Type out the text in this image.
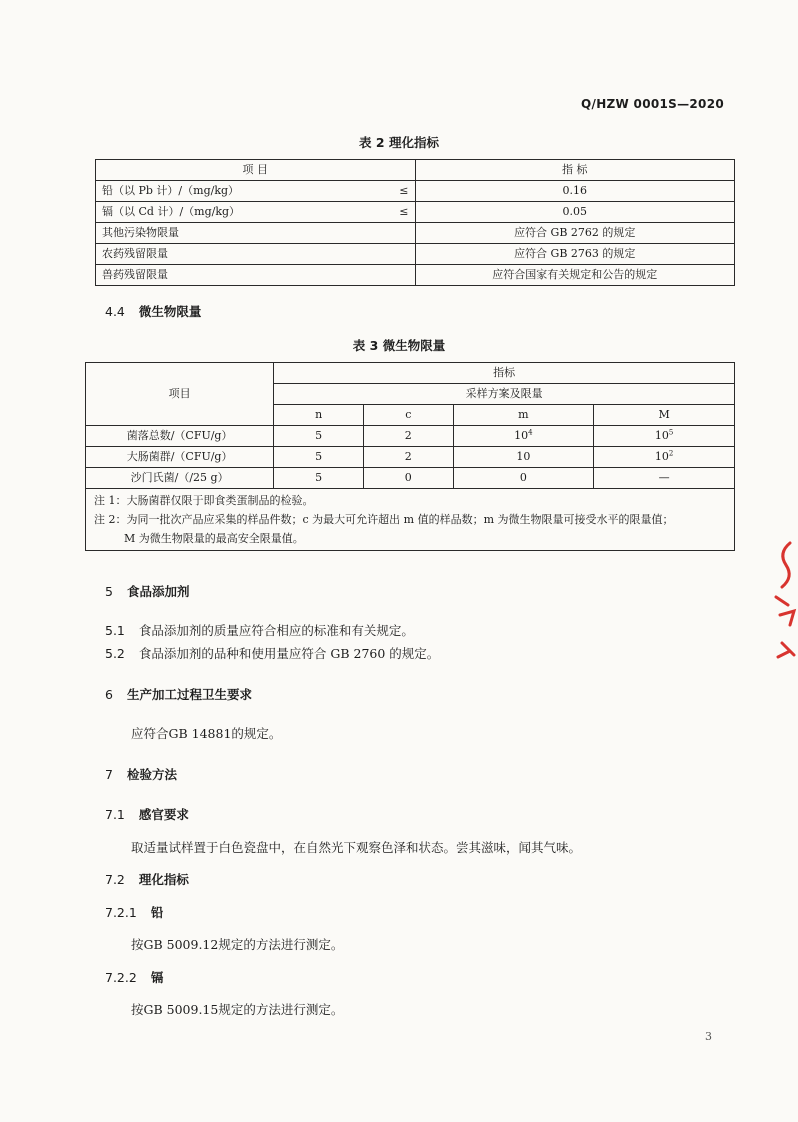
Q/HZW 0001S—2020
表 2 理化指标
项 目		指 标
铅（以 Pb 计）/（mg/kg）	≤	0.16
镉（以 Cd 计）/（mg/kg）	≤	0.05
其他污染物限量		应符合 GB 2762 的规定
农药残留限量		应符合 GB 2763 的规定
兽药残留限量		应符合国家有关规定和公告的规定
4.4 微生物限量
表 3 微生物限量
项目	指标			
	采样方案及限量			
	n	c	m	M
菌落总数/（CFU/g）	5	2	$10^4$	$10^5$
大肠菌群/（CFU/g）	5	2	10	$10^2$
沙门氏菌/（/25 g）	5	0	0	—

注 1：大肠菌群仅限于即食类蛋制品的检验。
注 2：为同一批次产品应采集的样品件数；c 为最大可允许超出 m 值的样品数；m 为微生物限量可接受水平的限量值；
M 为微生物限量的最高安全限量值。				
5 食品添加剂
5.1 食品添加剂的质量应符合相应的标准和有关规定。
5.2 食品添加剂的品种和使用量应符合 GB 2760 的规定。
6 生产加工过程卫生要求
应符合GB 14881的规定。
7 检验方法
7.1 感官要求
取适量试样置于白色瓷盘中，在自然光下观察色泽和状态。尝其滋味，闻其气味。
7.2 理化指标
7.2.1 铅
按GB 5009.12规定的方法进行测定。
7.2.2 镉
按GB 5009.15规定的方法进行测定。
3
